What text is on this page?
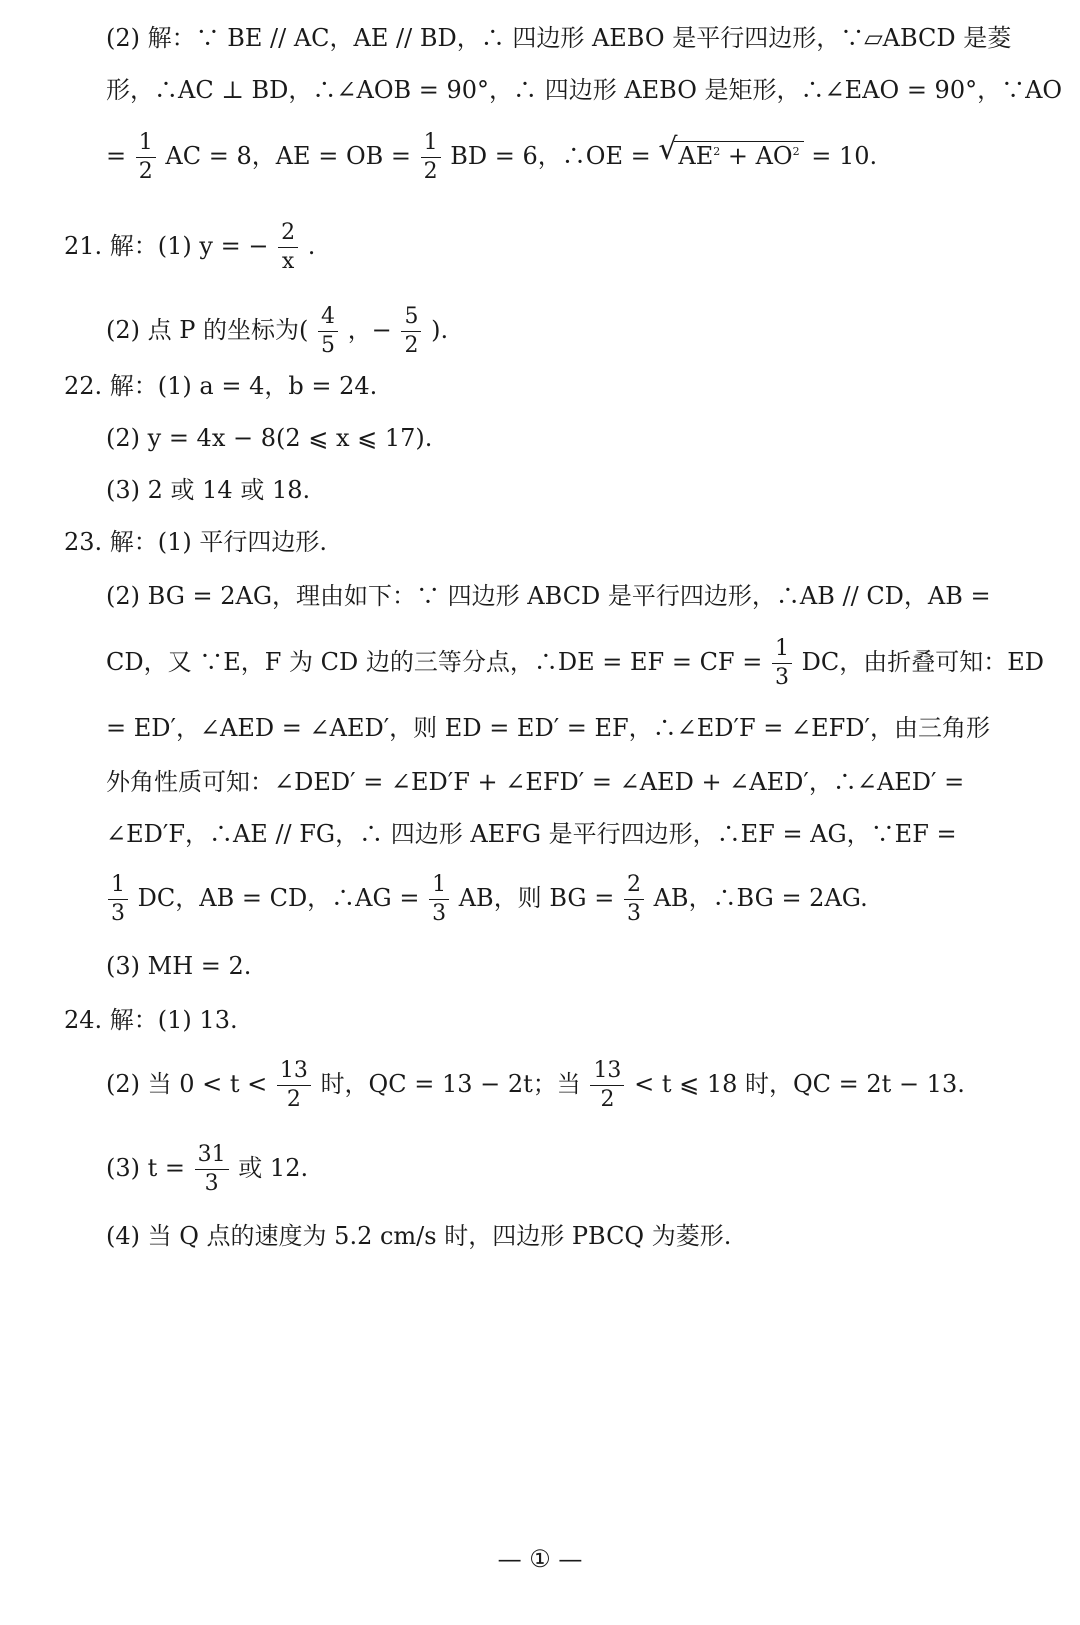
(2) 解：∵ BE // AC，AE // BD，∴ 四边形 AEBO 是平行四边形，∵▱ABCD 是菱
形，∴AC ⊥ BD，∴∠AOB = 90°，∴ 四边形 AEBO 是矩形，∴∠EAO = 90°，∵AO
= $\frac{1}{2}$ AC = 8，AE = OB = $\frac{1}{2}$ BD = 6，∴OE = √ $AE^2 + AO^2 = 10$.
21. 解：(1) y = − $\frac{2}{x}$ .
(2) 点 P 的坐标为( $\frac{4}{5}$ ，− $\frac{5}{2}$ ).
22. 解：(1) a = 4，b = 24.
(2) y = 4x − 8(2 ⩽ x ⩽ 17).
(3) 2 或 14 或 18.
23. 解：(1) 平行四边形.
(2) BG = 2AG，理由如下：∵ 四边形 ABCD 是平行四边形，∴AB // CD，AB =
CD，又 ∵E，F 为 CD 边的三等分点，∴DE = EF = CF = $\frac{1}{3}$ DC，由折叠可知：ED
= ED′，∠AED = ∠AED′，则 ED = ED′ = EF，∴∠ED′F = ∠EFD′，由三角形
外角性质可知：∠DED′ = ∠ED′F + ∠EFD′ = ∠AED + ∠AED′，∴∠AED′ =
∠ED′F，∴AE // FG，∴ 四边形 AEFG 是平行四边形，∴EF = AG，∵EF =
$\frac{1}{3}$ DC，AB = CD，∴AG = $\frac{1}{3}$ AB，则 BG = $\frac{2}{3}$ AB，∴BG = 2AG.
(3) MH = 2.
24. 解：(1) 13.
(2) 当 $0 < t < \frac{13}{2}$ 时，QC = 13 − 2t；当 $\frac{13}{2} < t$ ⩽ 18 时，QC = 2t − 13.
(3) $t = \frac{31}{3}$ 或 12.
(4) 当 Q 点的速度为 5.2 cm/s 时，四边形 PBCQ 为菱形.
— ① —
